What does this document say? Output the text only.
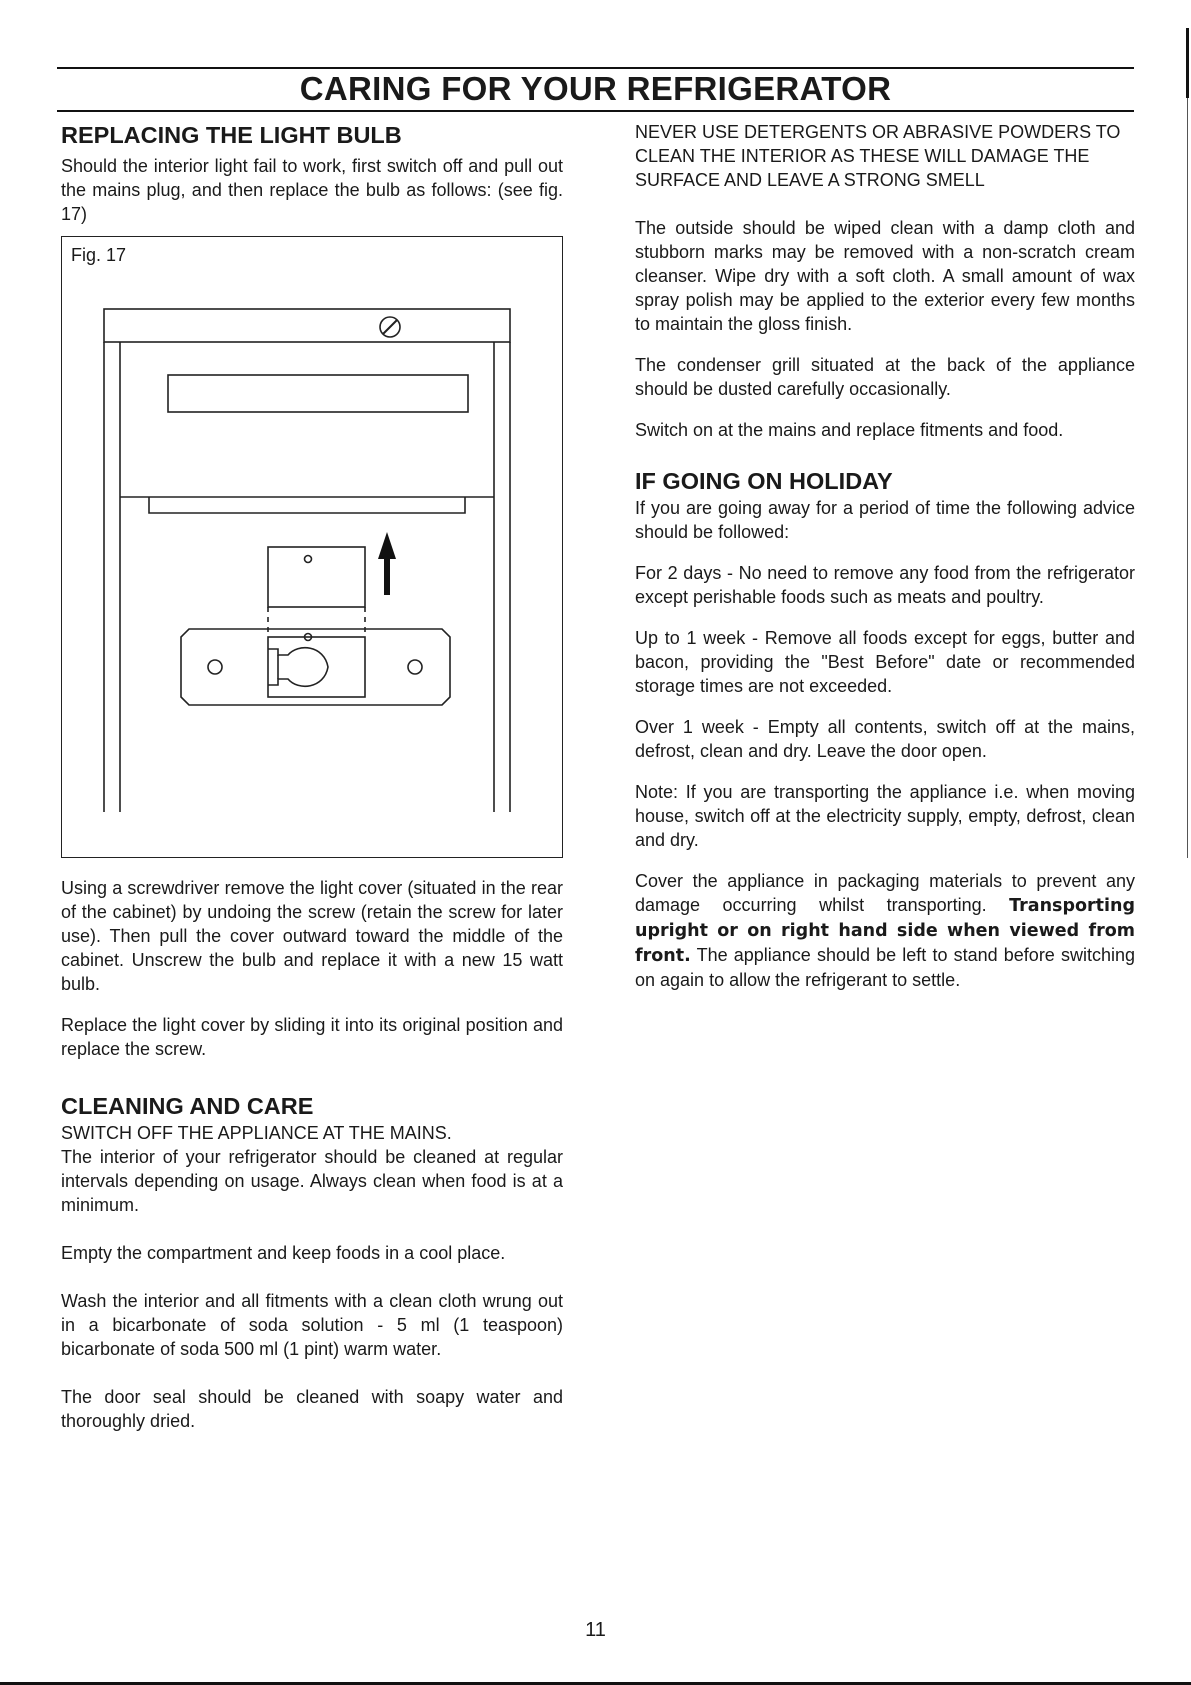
CARING FOR YOUR REFRIGERATOR
REPLACING THE LIGHT BULB

Should the interior light fail to work, first switch off and pull out the mains plug, and then replace the bulb as follows: (see fig. 17)

Fig. 17

Using a screwdriver remove the light cover (situated in the rear of the cabinet) by undoing the screw (retain the screw for later use). Then pull the cover outward toward the middle of the cabinet. Unscrew the bulb and replace it with a new 15 watt bulb.

Replace the light cover by sliding it into its original position and replace the screw.

CLEANING AND CARE

SWITCH OFF THE APPLIANCE AT THE MAINS.

The interior of your refrigerator should be cleaned at regular intervals depending on usage. Always clean when food is at a minimum.

Empty the compartment and keep foods in a cool place.

Wash the interior and all fitments with a clean cloth wrung out in a bicarbonate of soda solution - 5 ml (1 teaspoon) bicarbonate of soda 500 ml (1 pint) warm water.

The door seal should be cleaned with soapy water and thoroughly dried.

NEVER USE DETERGENTS OR ABRASIVE POWDERS TO CLEAN THE INTERIOR AS THESE WILL DAMAGE THE SURFACE AND LEAVE A STRONG SMELL

The outside should be wiped clean with a damp cloth and stubborn marks may be removed with a non-scratch cream cleanser. Wipe dry with a soft cloth. A small amount of wax spray polish may be applied to the exterior every few months to maintain the gloss finish.

The condenser grill situated at the back of the appliance should be dusted carefully occasionally.

Switch on at the mains and replace fitments and food.

IF GOING ON HOLIDAY

If you are going away for a period of time the following advice should be followed:

For 2 days - No need to remove any food from the refrigerator except perishable foods such as meats and poultry.

Up to 1 week - Remove all foods except for eggs, butter and bacon, providing the "Best Before" date or recommended storage times are not exceeded.

Over 1 week - Empty all contents, switch off at the mains, defrost, clean and dry. Leave the door open.

Note: If you are transporting the appliance i.e. when moving house, switch off at the electricity supply, empty, defrost, clean and dry.

Cover the appliance in packaging materials to prevent any damage occurring whilst transporting. Transporting upright or on right hand side when viewed from front. The appliance should be left to stand before switching on again to allow the refrigerant to settle.

11
